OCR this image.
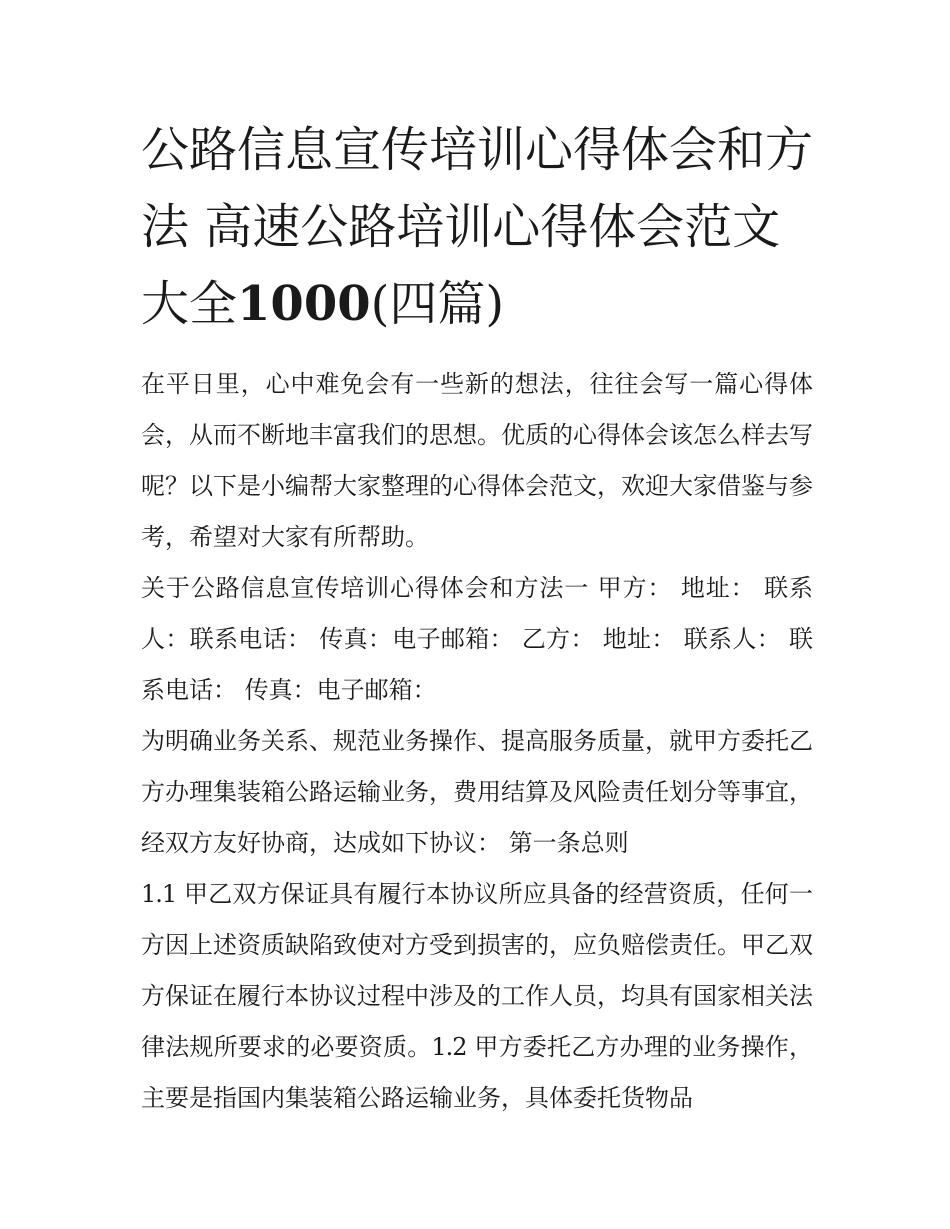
公路信息宣传培训心得体会和方法 高速公路培训心得体会范文大全1000(四篇)

在平日里，心中难免会有一些新的想法，往往会写一篇心得体会，从而不断地丰富我们的思想。优质的心得体会该怎么样去写呢？以下是小编帮大家整理的心得体会范文，欢迎大家借鉴与参考，希望对大家有所帮助。

关于公路信息宣传培训心得体会和方法一 甲方： 地址： 联系人：联系电话： 传真：电子邮箱： 乙方： 地址： 联系人： 联系电话： 传真：电子邮箱：

为明确业务关系、规范业务操作、提高服务质量，就甲方委托乙方办理集装箱公路运输业务，费用结算及风险责任划分等事宜，经双方友好协商，达成如下协议： 第一条总则

1.1 甲乙双方保证具有履行本协议所应具备的经营资质，任何一方因上述资质缺陷致使对方受到损害的，应负赔偿责任。甲乙双方保证在履行本协议过程中涉及的工作人员，均具有国家相关法律法规所要求的必要资质。1.2 甲方委托乙方办理的业务操作，主要是指国内集装箱公路运输业务，具体委托货物品
